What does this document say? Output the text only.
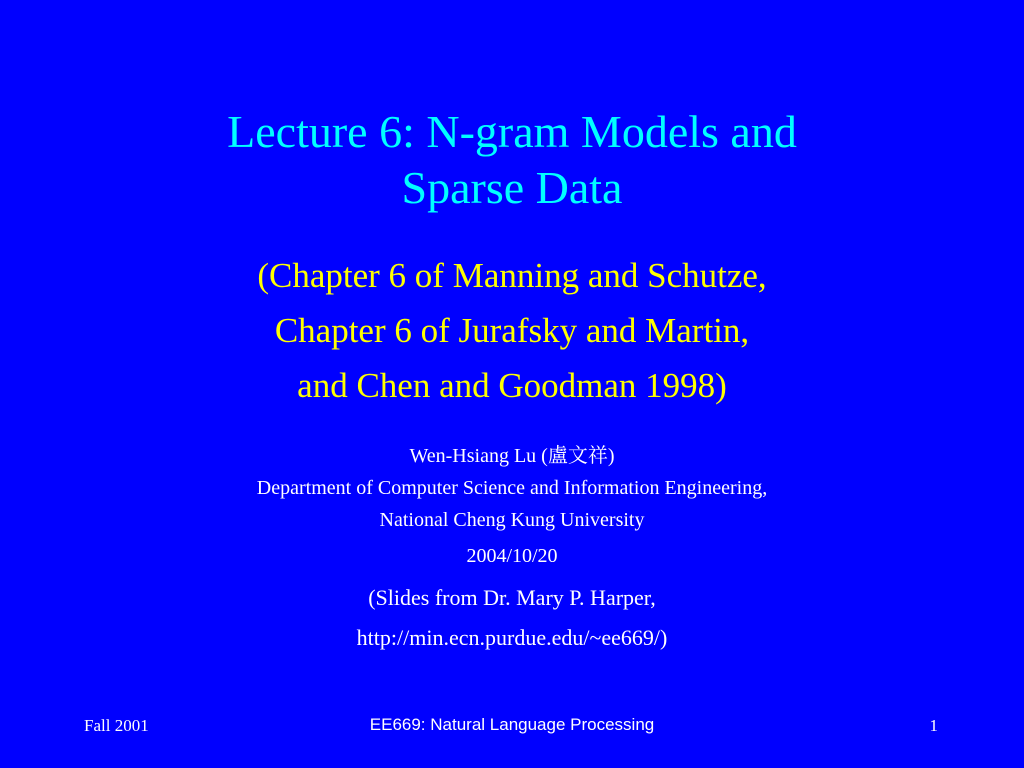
Lecture 6: N-gram Models and
Sparse Data
(Chapter 6 of Manning and Schutze,
Chapter 6 of Jurafsky and Martin,
and Chen and Goodman 1998)
Wen-Hsiang Lu (盧文祥)
Department of Computer Science and Information Engineering,
National Cheng Kung University
2004/10/20
(Slides from Dr. Mary P. Harper,
http://min.ecn.purdue.edu/~ee669/)
Fall 2001	EE669: Natural Language Processing	1
